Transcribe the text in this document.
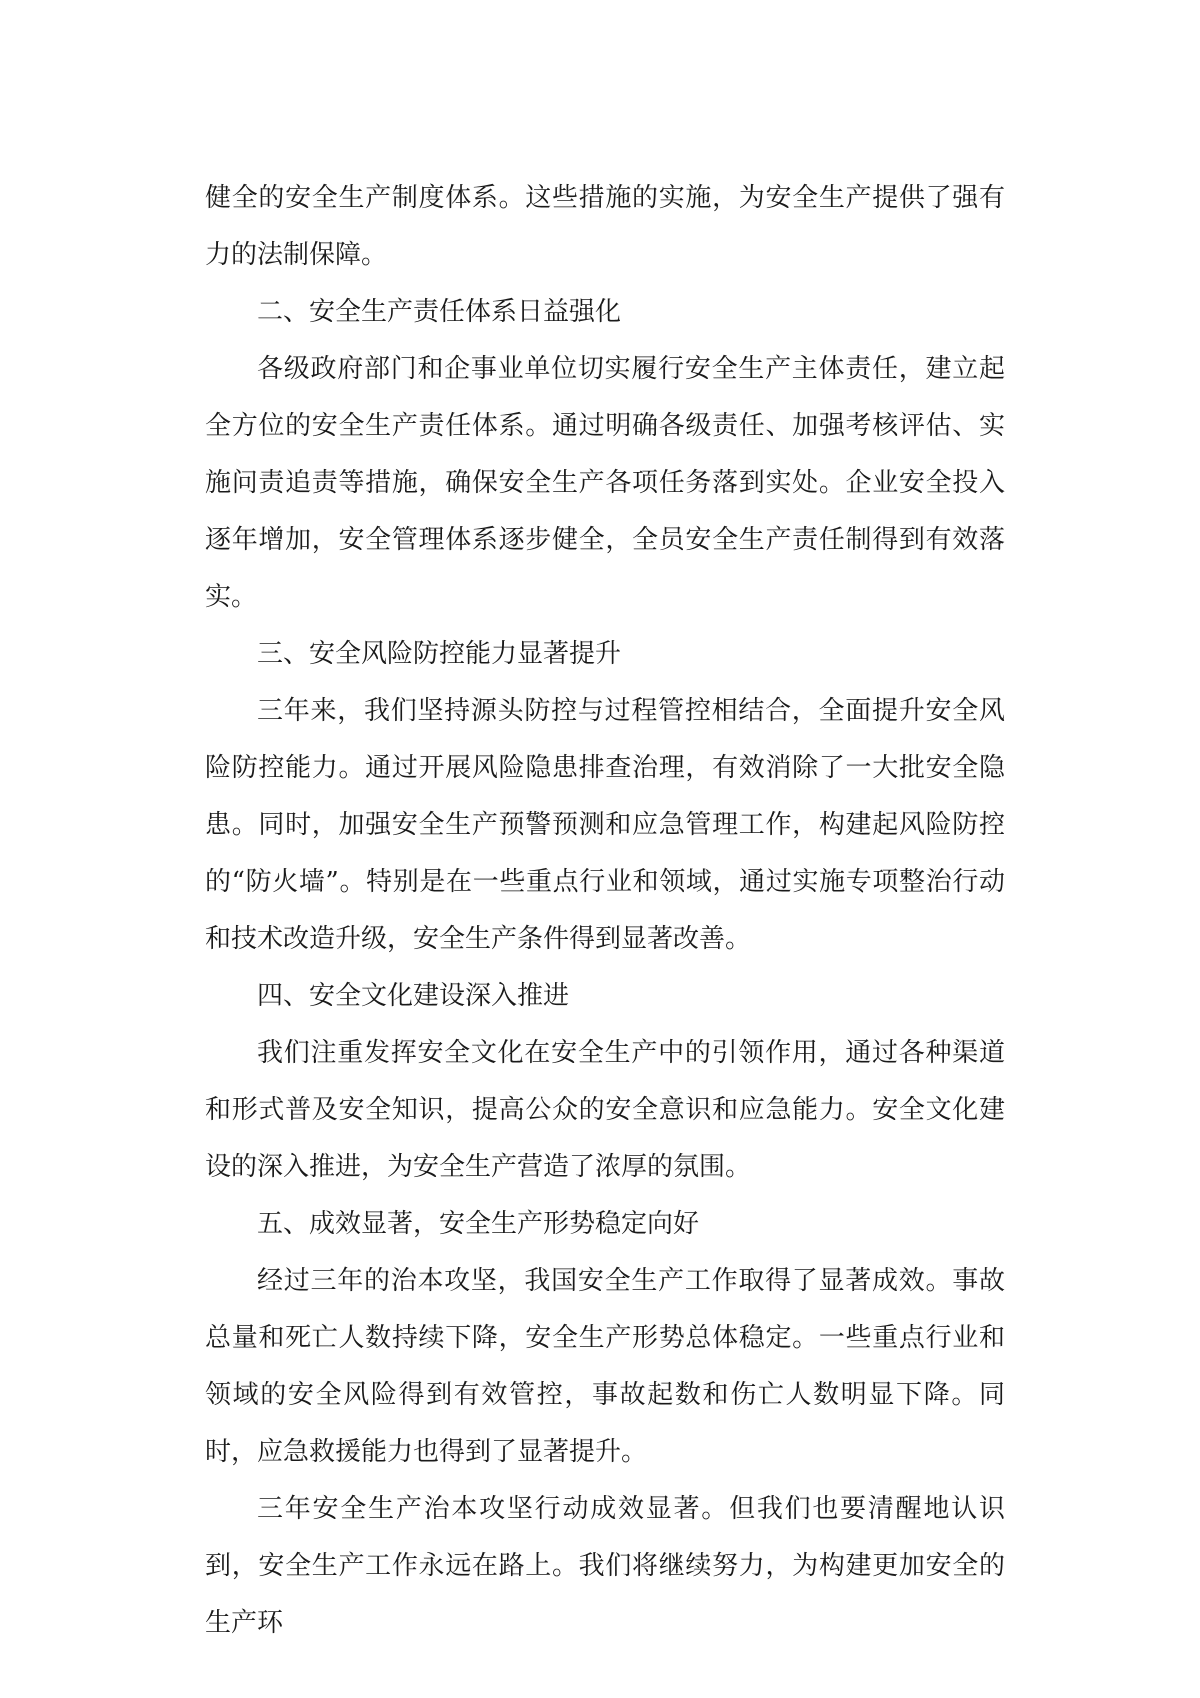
健全的安全生产制度体系。这些措施的实施，为安全生产提供了强有力的法制保障。

二、安全生产责任体系日益强化

各级政府部门和企事业单位切实履行安全生产主体责任，建立起全方位的安全生产责任体系。通过明确各级责任、加强考核评估、实施问责追责等措施，确保安全生产各项任务落到实处。企业安全投入逐年增加，安全管理体系逐步健全，全员安全生产责任制得到有效落实。

三、安全风险防控能力显著提升

三年来，我们坚持源头防控与过程管控相结合，全面提升安全风险防控能力。通过开展风险隐患排查治理，有效消除了一大批安全隐患。同时，加强安全生产预警预测和应急管理工作，构建起风险防控的“防火墙”。特别是在一些重点行业和领域，通过实施专项整治行动和技术改造升级，安全生产条件得到显著改善。

四、安全文化建设深入推进

我们注重发挥安全文化在安全生产中的引领作用，通过各种渠道和形式普及安全知识，提高公众的安全意识和应急能力。安全文化建设的深入推进，为安全生产营造了浓厚的氛围。

五、成效显著，安全生产形势稳定向好

经过三年的治本攻坚，我国安全生产工作取得了显著成效。事故总量和死亡人数持续下降，安全生产形势总体稳定。一些重点行业和领域的安全风险得到有效管控，事故起数和伤亡人数明显下降。同时，应急救援能力也得到了显著提升。

三年安全生产治本攻坚行动成效显著。但我们也要清醒地认识到，安全生产工作永远在路上。我们将继续努力，为构建更加安全的生产环
